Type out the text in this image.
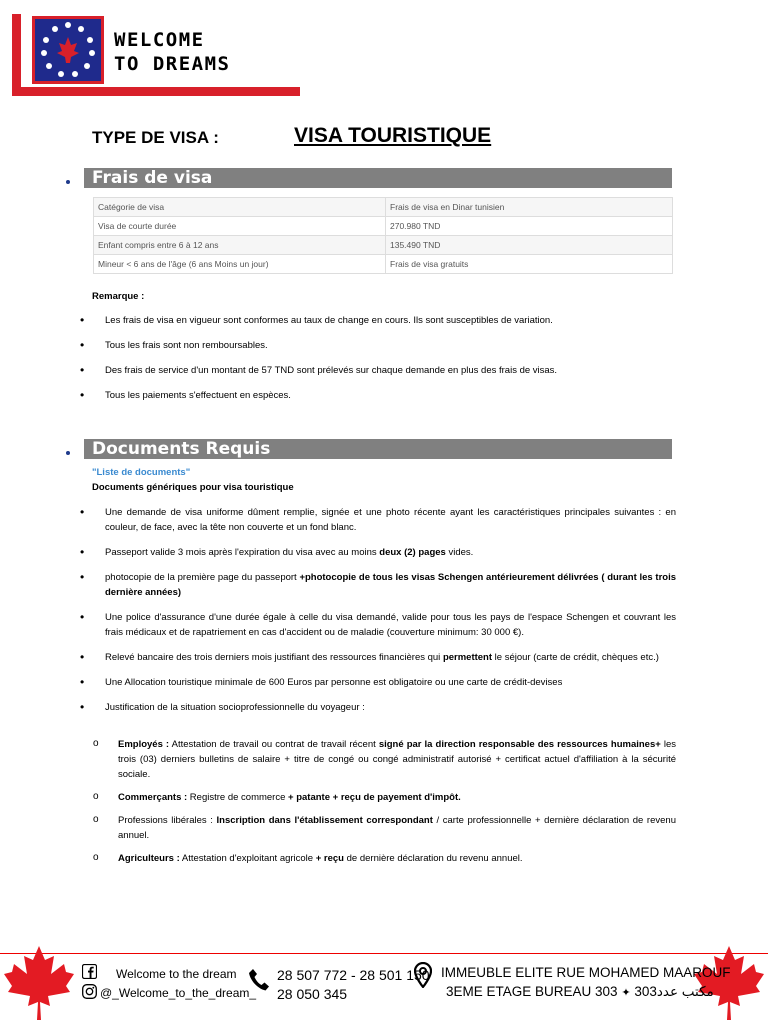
WELCOME
TO DREAMS
TYPE DE VISA :	VISA TOURISTIQUE
Frais de visa
Catégorie de visa	Frais de visa en Dinar tunisien
Visa de courte durée	270.980 TND
Enfant compris entre 6 à 12 ans	135.490 TND
Mineur < 6 ans de l'âge (6 ans Moins un jour)	Frais de visa gratuits
Remarque :
• Les frais de visa en vigueur sont conformes au taux de change en cours. Ils sont susceptibles de variation.
• Tous les frais sont non remboursables.
• Des frais de service d'un montant de 57 TND sont prélevés sur chaque demande en plus des frais de visas.
• Tous les paiements s'effectuent en espèces.
Documents Requis
"Liste de documents"
Documents génériques pour visa touristique
• Une demande de visa uniforme dûment remplie, signée et une photo récente ayant les caractéristiques principales suivantes : en couleur, de face, avec la tête non couverte et un fond blanc.
• Passeport valide 3 mois après l'expiration du visa avec au moins deux (2) pages vides.
• photocopie de la première page du passeport +photocopie de tous les visas Schengen antérieurement délivrées ( durant les trois dernière années)
• Une police d'assurance d'une durée égale à celle du visa demandé, valide pour tous les pays de l'espace Schengen et couvrant les frais médicaux et de rapatriement en cas d'accident ou de maladie (couverture minimum: 30 000 €).
• Relevé bancaire des trois derniers mois justifiant des ressources financières qui permettent le séjour (carte de crédit, chèques etc.)
• Une Allocation touristique minimale de 600 Euros par personne est obligatoire ou une carte de crédit-devises
• Justification de la situation socioprofessionnelle du voyageur :
o Employés : Attestation de travail ou contrat de travail récent signé par la direction responsable des ressources humaines+ les trois (03) derniers bulletins de salaire + titre de congé ou congé administratif autorisé + certificat actuel d'affiliation à la sécurité sociale.
o Commerçants : Registre de commerce + patante + reçu de payement d'impôt.
o Professions libérales : Inscription dans l'établissement correspondant / carte professionnelle + dernière déclaration de revenu annuel.
o Agriculteurs : Attestation d'exploitant agricole + reçu de dernière déclaration du revenu annuel.
Welcome to the dream
@_Welcome_to_the_dream_
28 507 772 - 28 501 150
28 050 345
IMMEUBLE ELITE RUE MOHAMED MAAROUF
3EME ETAGE BUREAU 303 ✦ مكتب عدد303
